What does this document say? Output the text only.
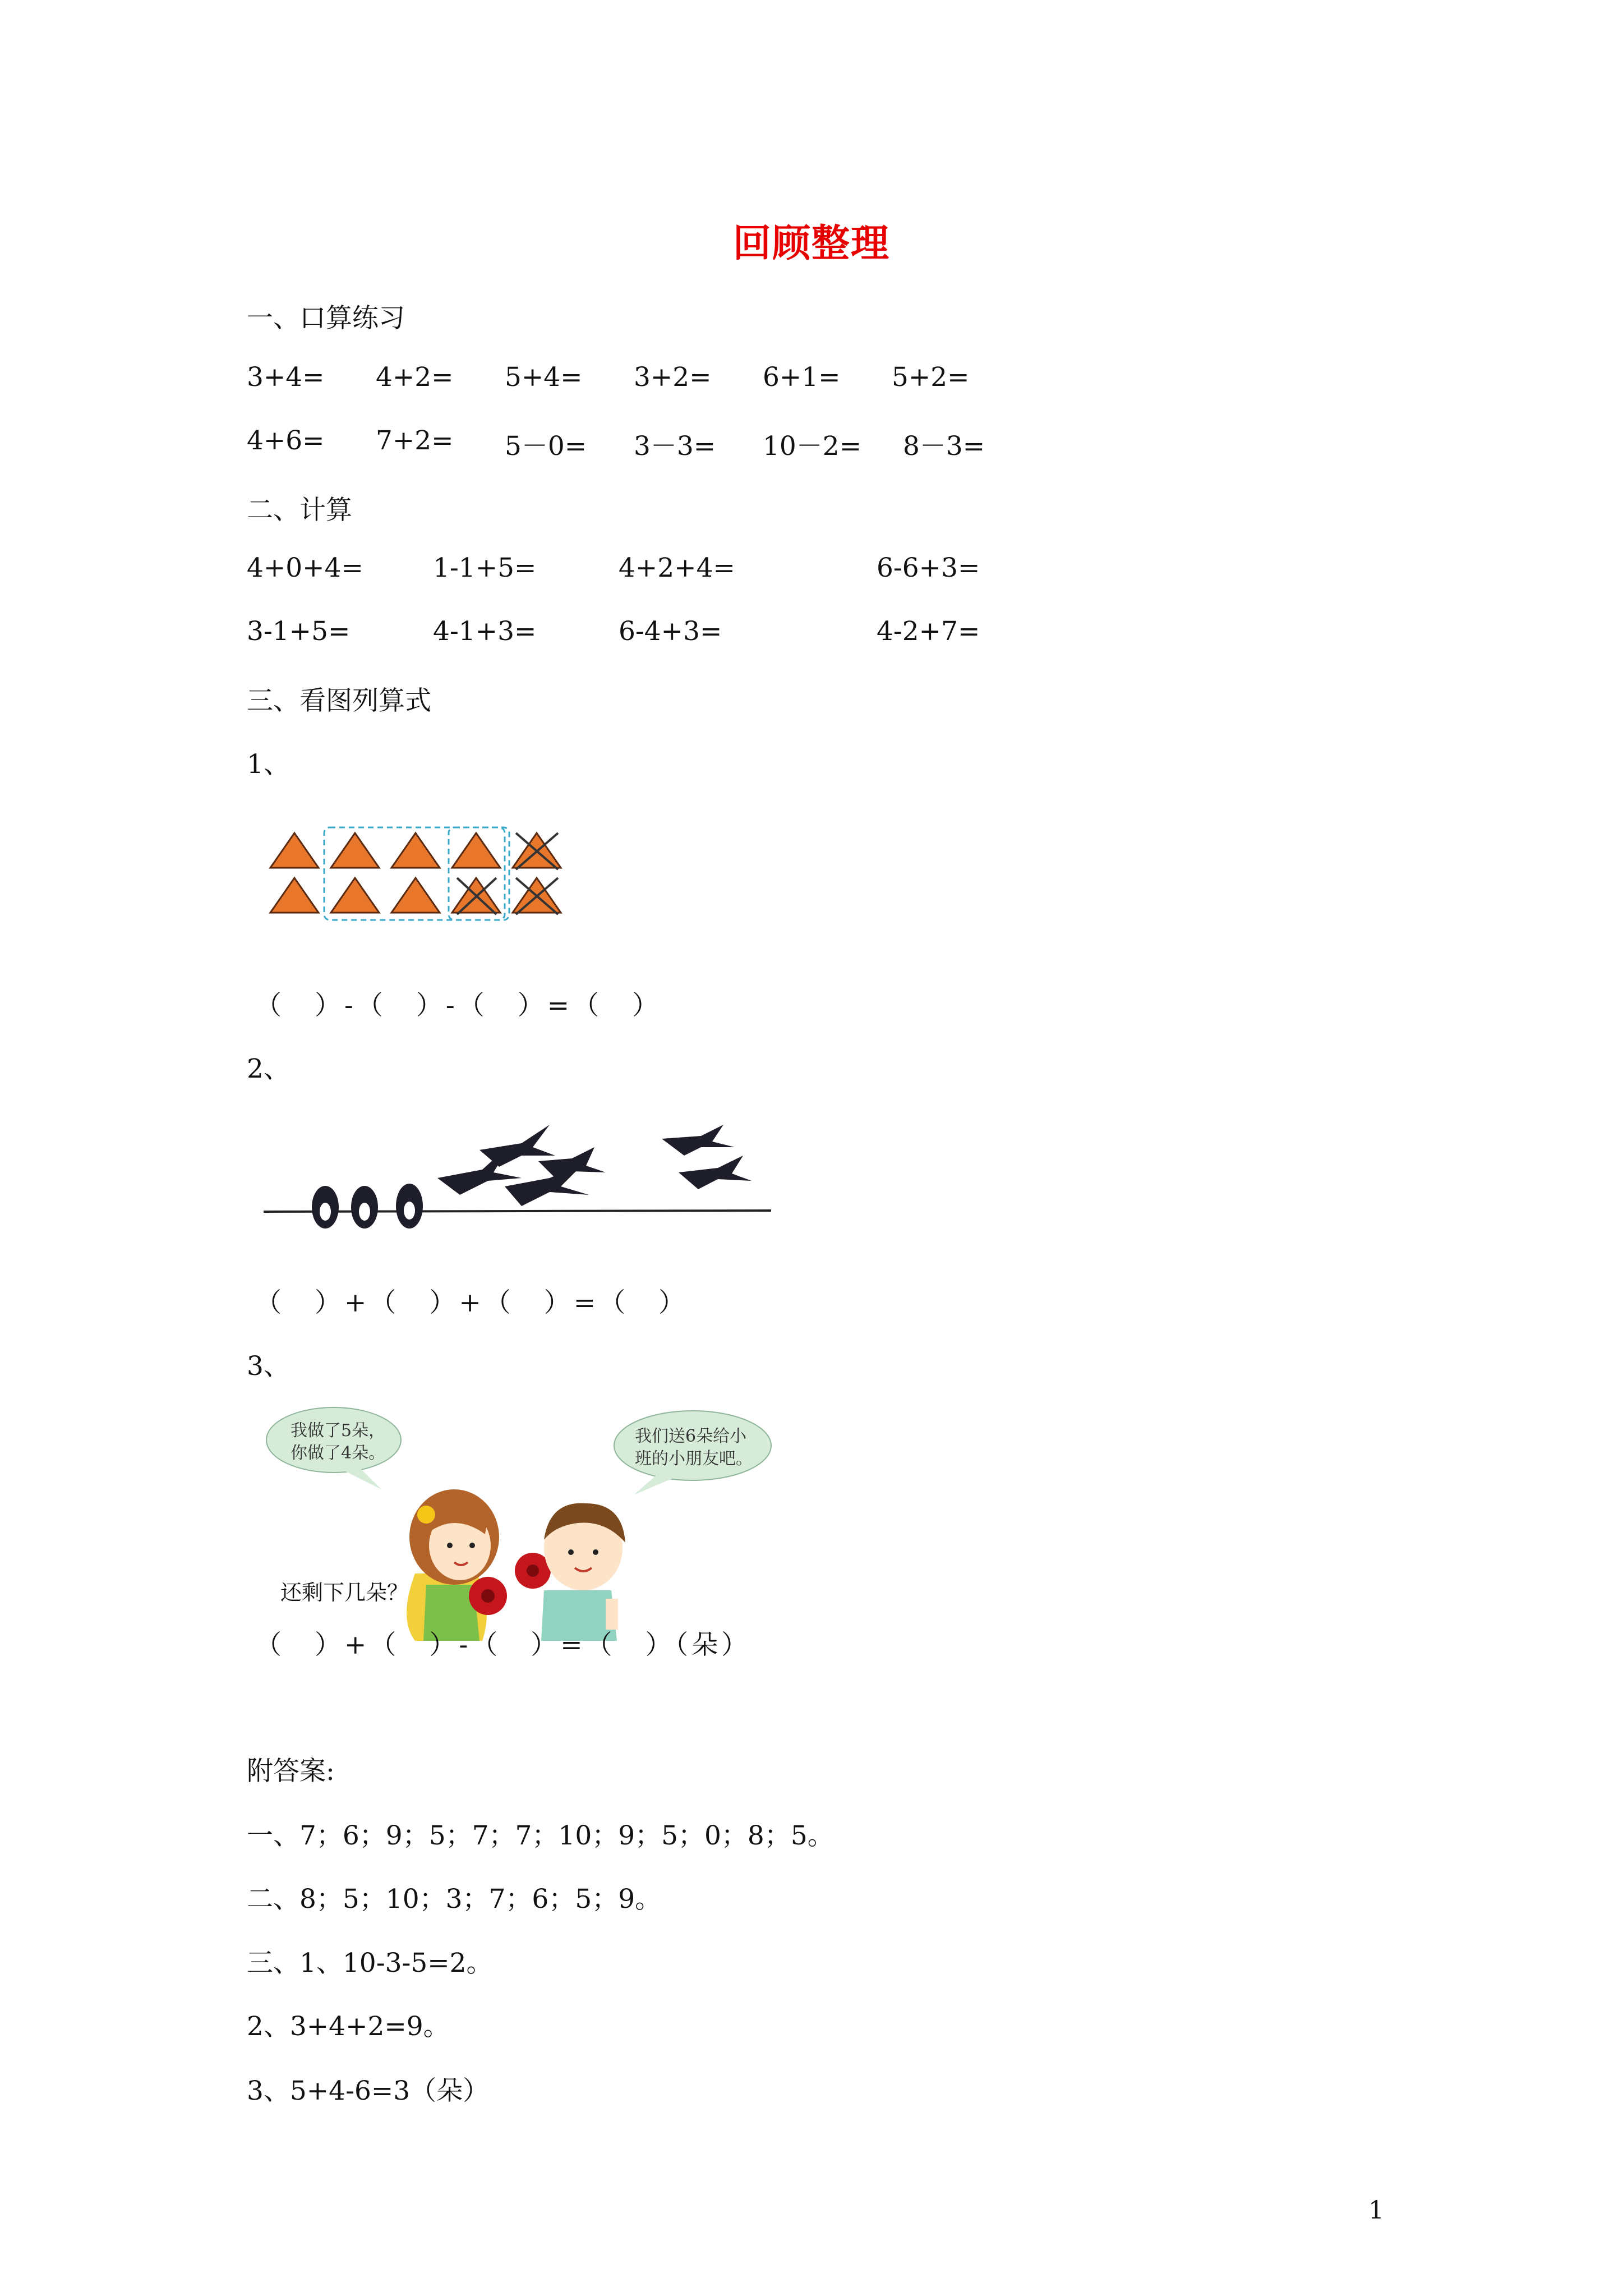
回顾整理
一、口算练习
3+4= 4+2= 5+4= 3+2= 6+1= 5+2=
4+6= 7+2= 5－0= 3－3= 10－2= 8－3=
二、计算
4+0+4=	1-1+5=	4+2+4=	6-6+3=
3-1+5=	4-1+3=	6-4+3=	4-2+7=
三、看图列算式
1、
（　）-（　）-（　）=（　）
2、
（　）+（　）+（　）=（　）
3、
我做了5朵，
你做了4朵。
我们送6朵给小
班的小朋友吧。
还剩下几朵？
（　）+（　）-（　）=（　）（朵）
附答案:
一、7；6；9；5；7；7；10；9；5；0；8；5。
二、8；5；10；3；7；6；5；9。
三、1、10-3-5=2。
2、3+4+2=9。
3、5+4-6=3（朵）
1
